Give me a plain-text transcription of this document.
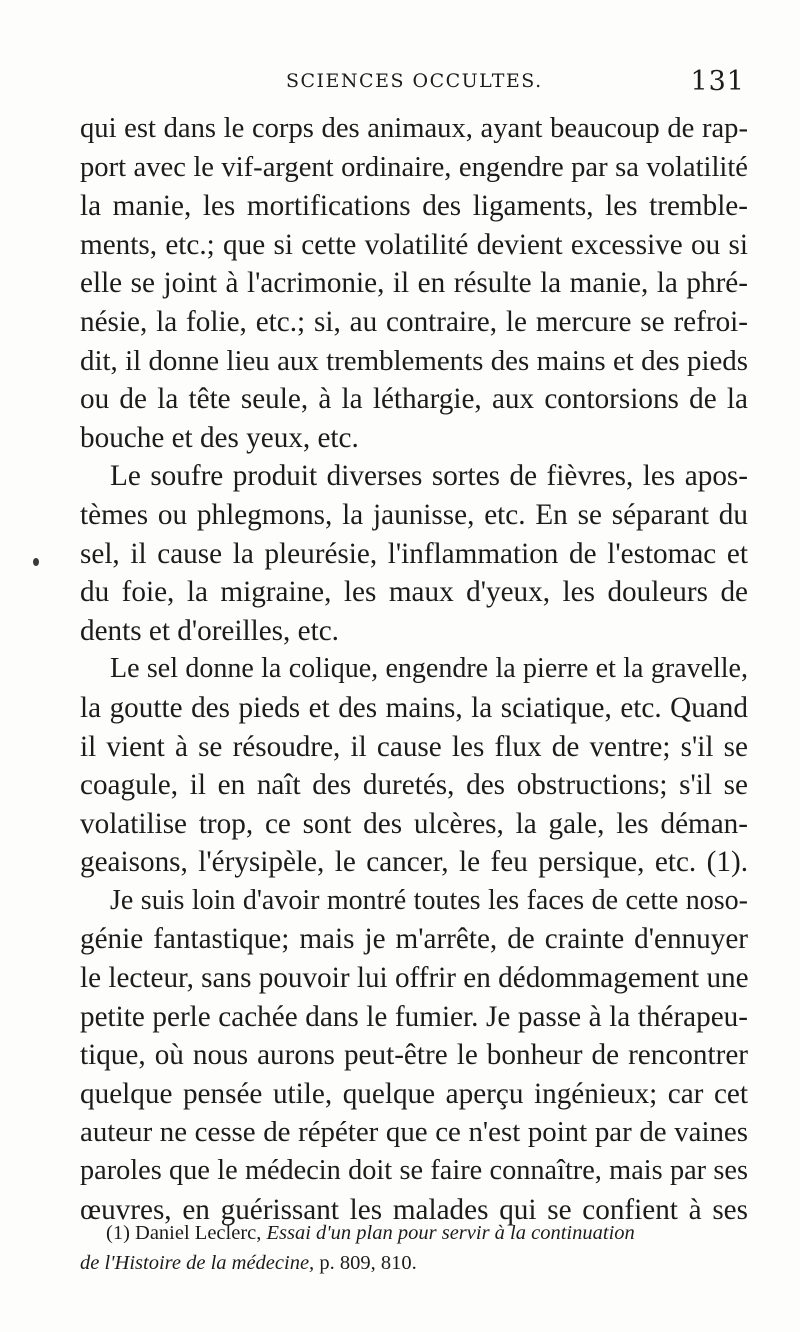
SCIENCES OCCULTES.	131
qui est dans le corps des animaux, ayant beaucoup de rap-
port avec le vif-argent ordinaire, engendre par sa volatilité
la manie, les mortifications des ligaments, les tremble-
ments, etc.; que si cette volatilité devient excessive ou si
elle se joint à l'acrimonie, il en résulte la manie, la phré-
nésie, la folie, etc.; si, au contraire, le mercure se refroi-
dit, il donne lieu aux tremblements des mains et des pieds
ou de la tête seule, à la léthargie, aux contorsions de la
bouche et des yeux, etc.
Le soufre produit diverses sortes de fièvres, les apos-
tèmes ou phlegmons, la jaunisse, etc. En se séparant du
sel, il cause la pleurésie, l'inflammation de l'estomac et
du foie, la migraine, les maux d'yeux, les douleurs de
dents et d'oreilles, etc.
Le sel donne la colique, engendre la pierre et la gravelle,
la goutte des pieds et des mains, la sciatique, etc. Quand
il vient à se résoudre, il cause les flux de ventre; s'il se
coagule, il en naît des duretés, des obstructions; s'il se
volatilise trop, ce sont des ulcères, la gale, les déman-
geaisons, l'érysipèle, le cancer, le feu persique, etc. (1).
Je suis loin d'avoir montré toutes les faces de cette noso-
génie fantastique; mais je m'arrête, de crainte d'ennuyer
le lecteur, sans pouvoir lui offrir en dédommagement une
petite perle cachée dans le fumier. Je passe à la thérapeu-
tique, où nous aurons peut-être le bonheur de rencontrer
quelque pensée utile, quelque aperçu ingénieux; car cet
auteur ne cesse de répéter que ce n'est point par de vaines
paroles que le médecin doit se faire connaître, mais par ses
œuvres, en guérissant les malades qui se confient à ses
(1) Daniel Leclerc, Essai d'un plan pour servir à la continuation
de l'Histoire de la médecine, p. 809, 810.
